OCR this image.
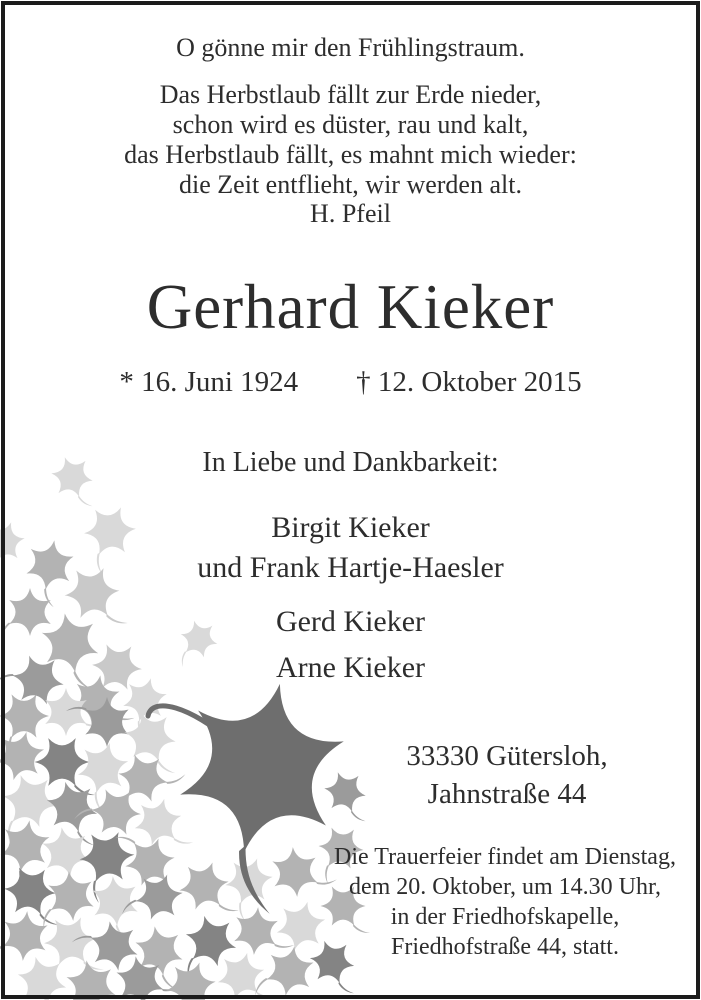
O gönne mir den Frühlingstraum.
Das Herbstlaub fällt zur Erde nieder,
schon wird es düster, rau und kalt,
das Herbstlaub fällt, es mahnt mich wieder:
die Zeit entflieht, wir werden alt.
H. Pfeil
Gerhard Kieker
* 16. Juni 1924 † 12. Oktober 2015
In Liebe und Dankbarkeit:
Birgit Kieker
und Frank Hartje-Haesler
Gerd Kieker
Arne Kieker
33330 Gütersloh,
Jahnstraße 44
Die Trauerfeier findet am Dienstag,
dem 20. Oktober, um 14.30 Uhr,
in der Friedhofskapelle,
Friedhofstraße 44, statt.
